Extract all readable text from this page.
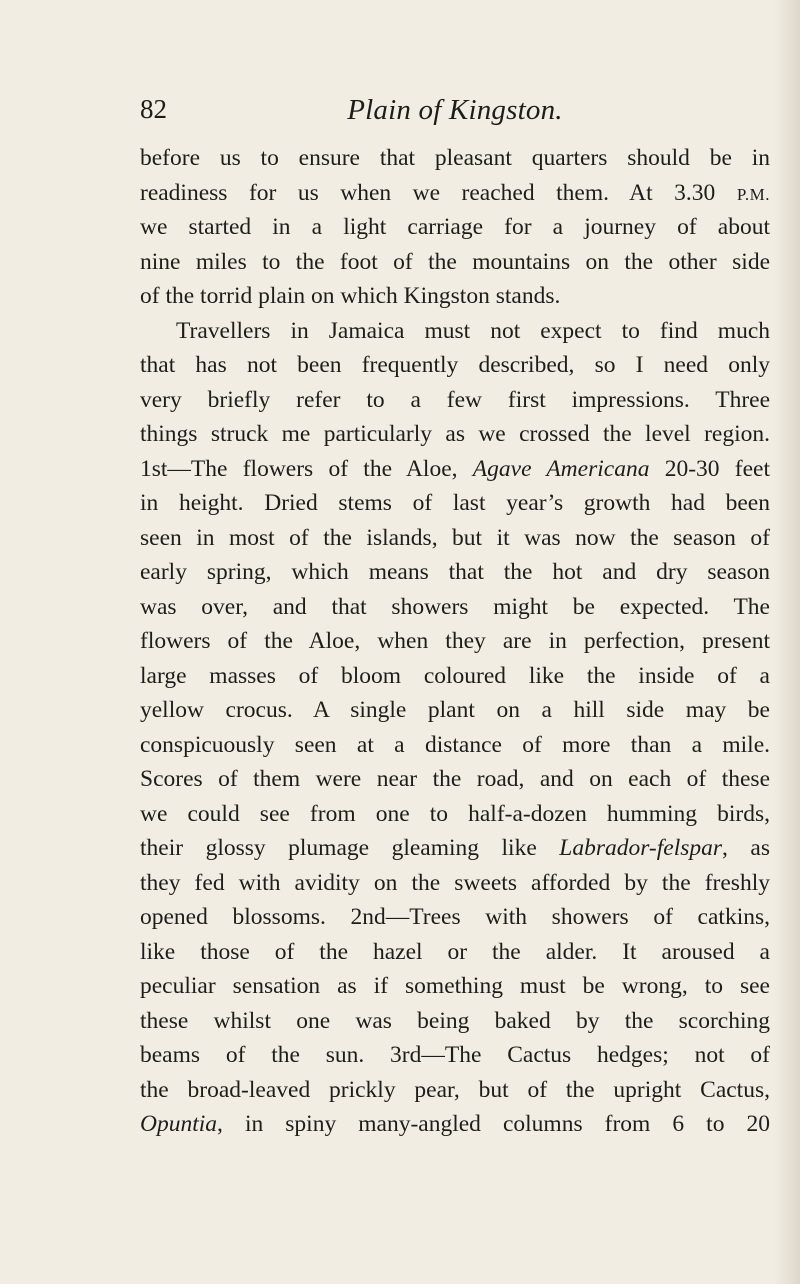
82	Plain of Kingston.
before us to ensure that pleasant quarters should be in
readiness for us when we reached them. At 3.30 P.M.
we started in a light carriage for a journey of about
nine miles to the foot of the mountains on the other side
of the torrid plain on which Kingston stands.
Travellers in Jamaica must not expect to find much
that has not been frequently described, so I need only
very briefly refer to a few first impressions. Three
things struck me particularly as we crossed the level region.
1st—The flowers of the Aloe, Agave Americana 20-30 feet
in height. Dried stems of last year’s growth had been
seen in most of the islands, but it was now the season of
early spring, which means that the hot and dry season
was over, and that showers might be expected. The
flowers of the Aloe, when they are in perfection, present
large masses of bloom coloured like the inside of a
yellow crocus. A single plant on a hill side may be
conspicuously seen at a distance of more than a mile.
Scores of them were near the road, and on each of these
we could see from one to half-a-dozen humming birds,
their glossy plumage gleaming like Labrador-felspar, as
they fed with avidity on the sweets afforded by the freshly
opened blossoms. 2nd—Trees with showers of catkins,
like those of the hazel or the alder. It aroused a
peculiar sensation as if something must be wrong, to see
these whilst one was being baked by the scorching
beams of the sun. 3rd—The Cactus hedges; not of
the broad-leaved prickly pear, but of the upright Cactus,
Opuntia, in spiny many-angled columns from 6 to 20
